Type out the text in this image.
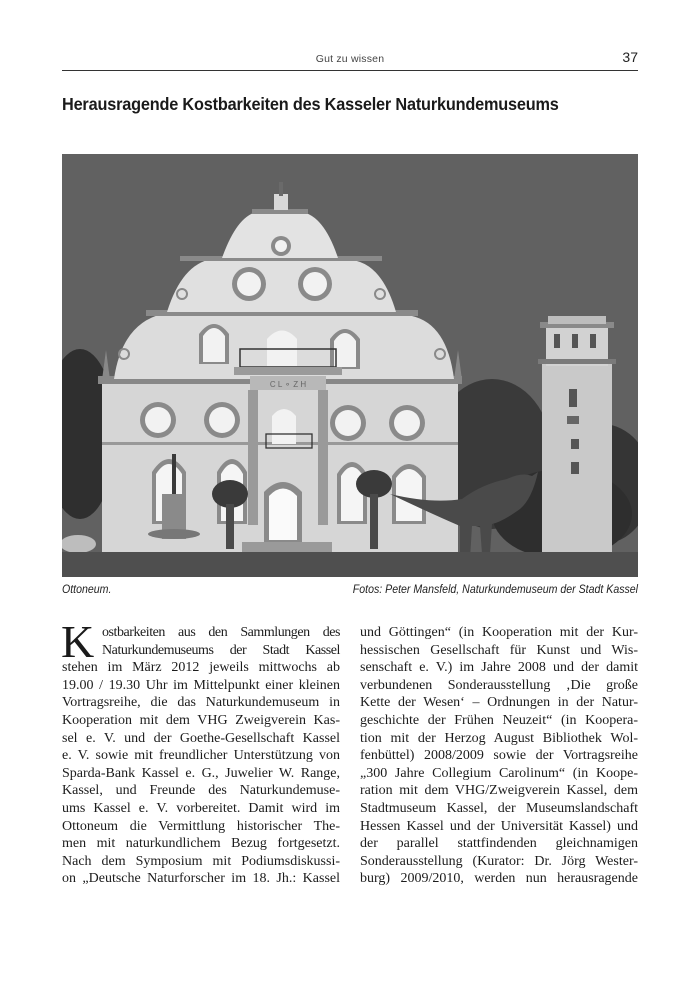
Gut zu wissen	37
Herausragende Kostbarkeiten des Kasseler Naturkundemuseums
C L ⚬ Z H
Ottoneum.	Fotos: Peter Mansfeld, Naturkundemuseum der Stadt Kassel
K ostbarkeiten aus den Sammlungen des
Naturkundemuseums der Stadt Kassel
stehen im März 2012 jeweils mittwochs ab
19.00 / 19.30 Uhr im Mittelpunkt einer kleinen
Vortragsreihe, die das Naturkundemuseum in
Kooperation mit dem VHG Zweigverein Kas-
sel e. V. und der Goethe-Gesellschaft Kassel
e. V. sowie mit freundlicher Unterstützung von
Sparda-Bank Kassel e. G., Juwelier W. Range,
Kassel, und Freunde des Naturkundemuse-
ums Kassel e. V. vorbereitet. Damit wird im
Ottoneum die Vermittlung historischer The-
men mit naturkundlichem Bezug fortgesetzt.
Nach dem Symposium mit Podiumsdiskussi-
on „Deutsche Naturforscher im 18. Jh.: Kassel
und Göttingen“ (in Kooperation mit der Kur-
hessischen Gesellschaft für Kunst und Wis-
senschaft e. V.) im Jahre 2008 und der damit
verbundenen Sonderausstellung ‚Die große
Kette der Wesen‘ – Ordnungen in der Natur-
geschichte der Frühen Neuzeit“ (in Koopera-
tion mit der Herzog August Bibliothek Wol-
fenbüttel) 2008/2009 sowie der Vortragsreihe
„300 Jahre Collegium Carolinum“ (in Koope-
ration mit dem VHG/Zweigverein Kassel, dem
Stadtmuseum Kassel, der Museumslandschaft
Hessen Kassel und der Universität Kassel) und
der parallel stattfindenden gleichnamigen
Sonderausstellung (Kurator: Dr. Jörg Wester-
burg) 2009/2010, werden nun herausragende
